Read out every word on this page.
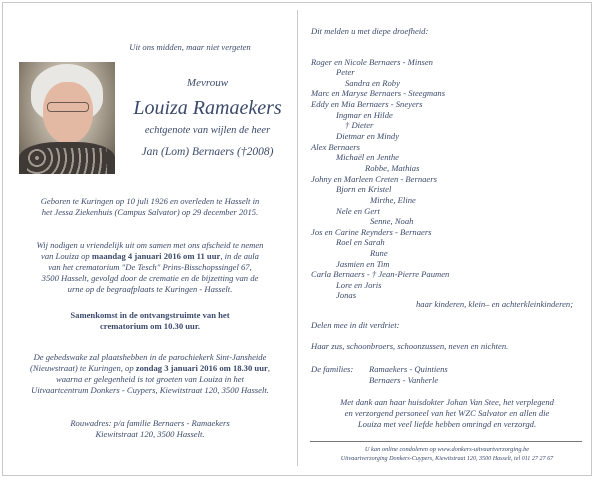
Uit ons midden, maar niet vergeten
Mevrouw
Louiza Ramaekers
echtgenote van wijlen de heer
Jan (Lom) Bernaers (†2008)
Geboren te Kuringen op 10 juli 1926 en overleden te Hasselt in
het Jessa Ziekenhuis (Campus Salvator) op 29 december 2015.
Wij nodigen u vriendelijk uit om samen met ons afscheid te nemen
van Louiza op maandag 4 januari 2016 om 11 uur, in de aula
van het crematorium "De Tesch" Prins-Bisschopssingel 67,
3500 Hasselt, gevolgd door de crematie en de bijzetting van de
urne op de begraafplaats te Kuringen - Hasselt.
Samenkomst in de ontvangstruimte van het
crematorium om 10.30 uur.
De gebedswake zal plaatshebben in de parochiekerk Sint-Jansheide
(Nieuwstraat) te Kuringen, op zondag 3 januari 2016 om 18.30 uur,
waarna er gelegenheid is tot groeten van Louiza in het
Uitvaartcentrum Donkers - Cuypers, Kiewitstraat 120, 3500 Hasselt.
Rouwadres: p/a familie Bernaers - Ramaekers
Kiewitstraat 120, 3500 Hasselt.
Dit melden u met diepe droefheid:
Roger en Nicole Bernaers - Minsen
Peter
Sandra en Roby
Marc en Maryse Bernaers - Steegmans
Eddy en Mia Bernaers - Sneyers
Ingmar en Hilde
† Dieter
Dietmar en Mindy
Alex Bernaers
Michaël en Jenthe
Robbe, Mathias
Johny en Marleen Creten - Bernaers
Bjorn en Kristel
Mirthe, Eline
Nele en Gert
Senne, Noah
Jos en Carine Reynders - Bernaers
Roel en Sarah
Rune
Jasmien en Tim
Carla Bernaers - † Jean-Pierre Paumen
Lore en Joris
Jonas
haar kinderen, klein– en achterkleinkinderen;
Delen mee in dit verdriet:
Haar zus, schoonbroers, schoonzussen, neven en nichten.
De families: Ramaekers - Quintiens
Bernaers - Vanherle
Met dank aan haar huisdokter Johan Van Stee, het verplegend
en verzorgend personeel van het WZC Salvator en allen die
Louiza met veel liefde hebben omringd en verzorgd.
U kan online condoleren op www.donkers-uitvaartverzorging.be
Uitvaartverzorging Donkers-Cuypers, Kiewitstraat 120, 3500 Hasselt, tel 011 27 27 67
